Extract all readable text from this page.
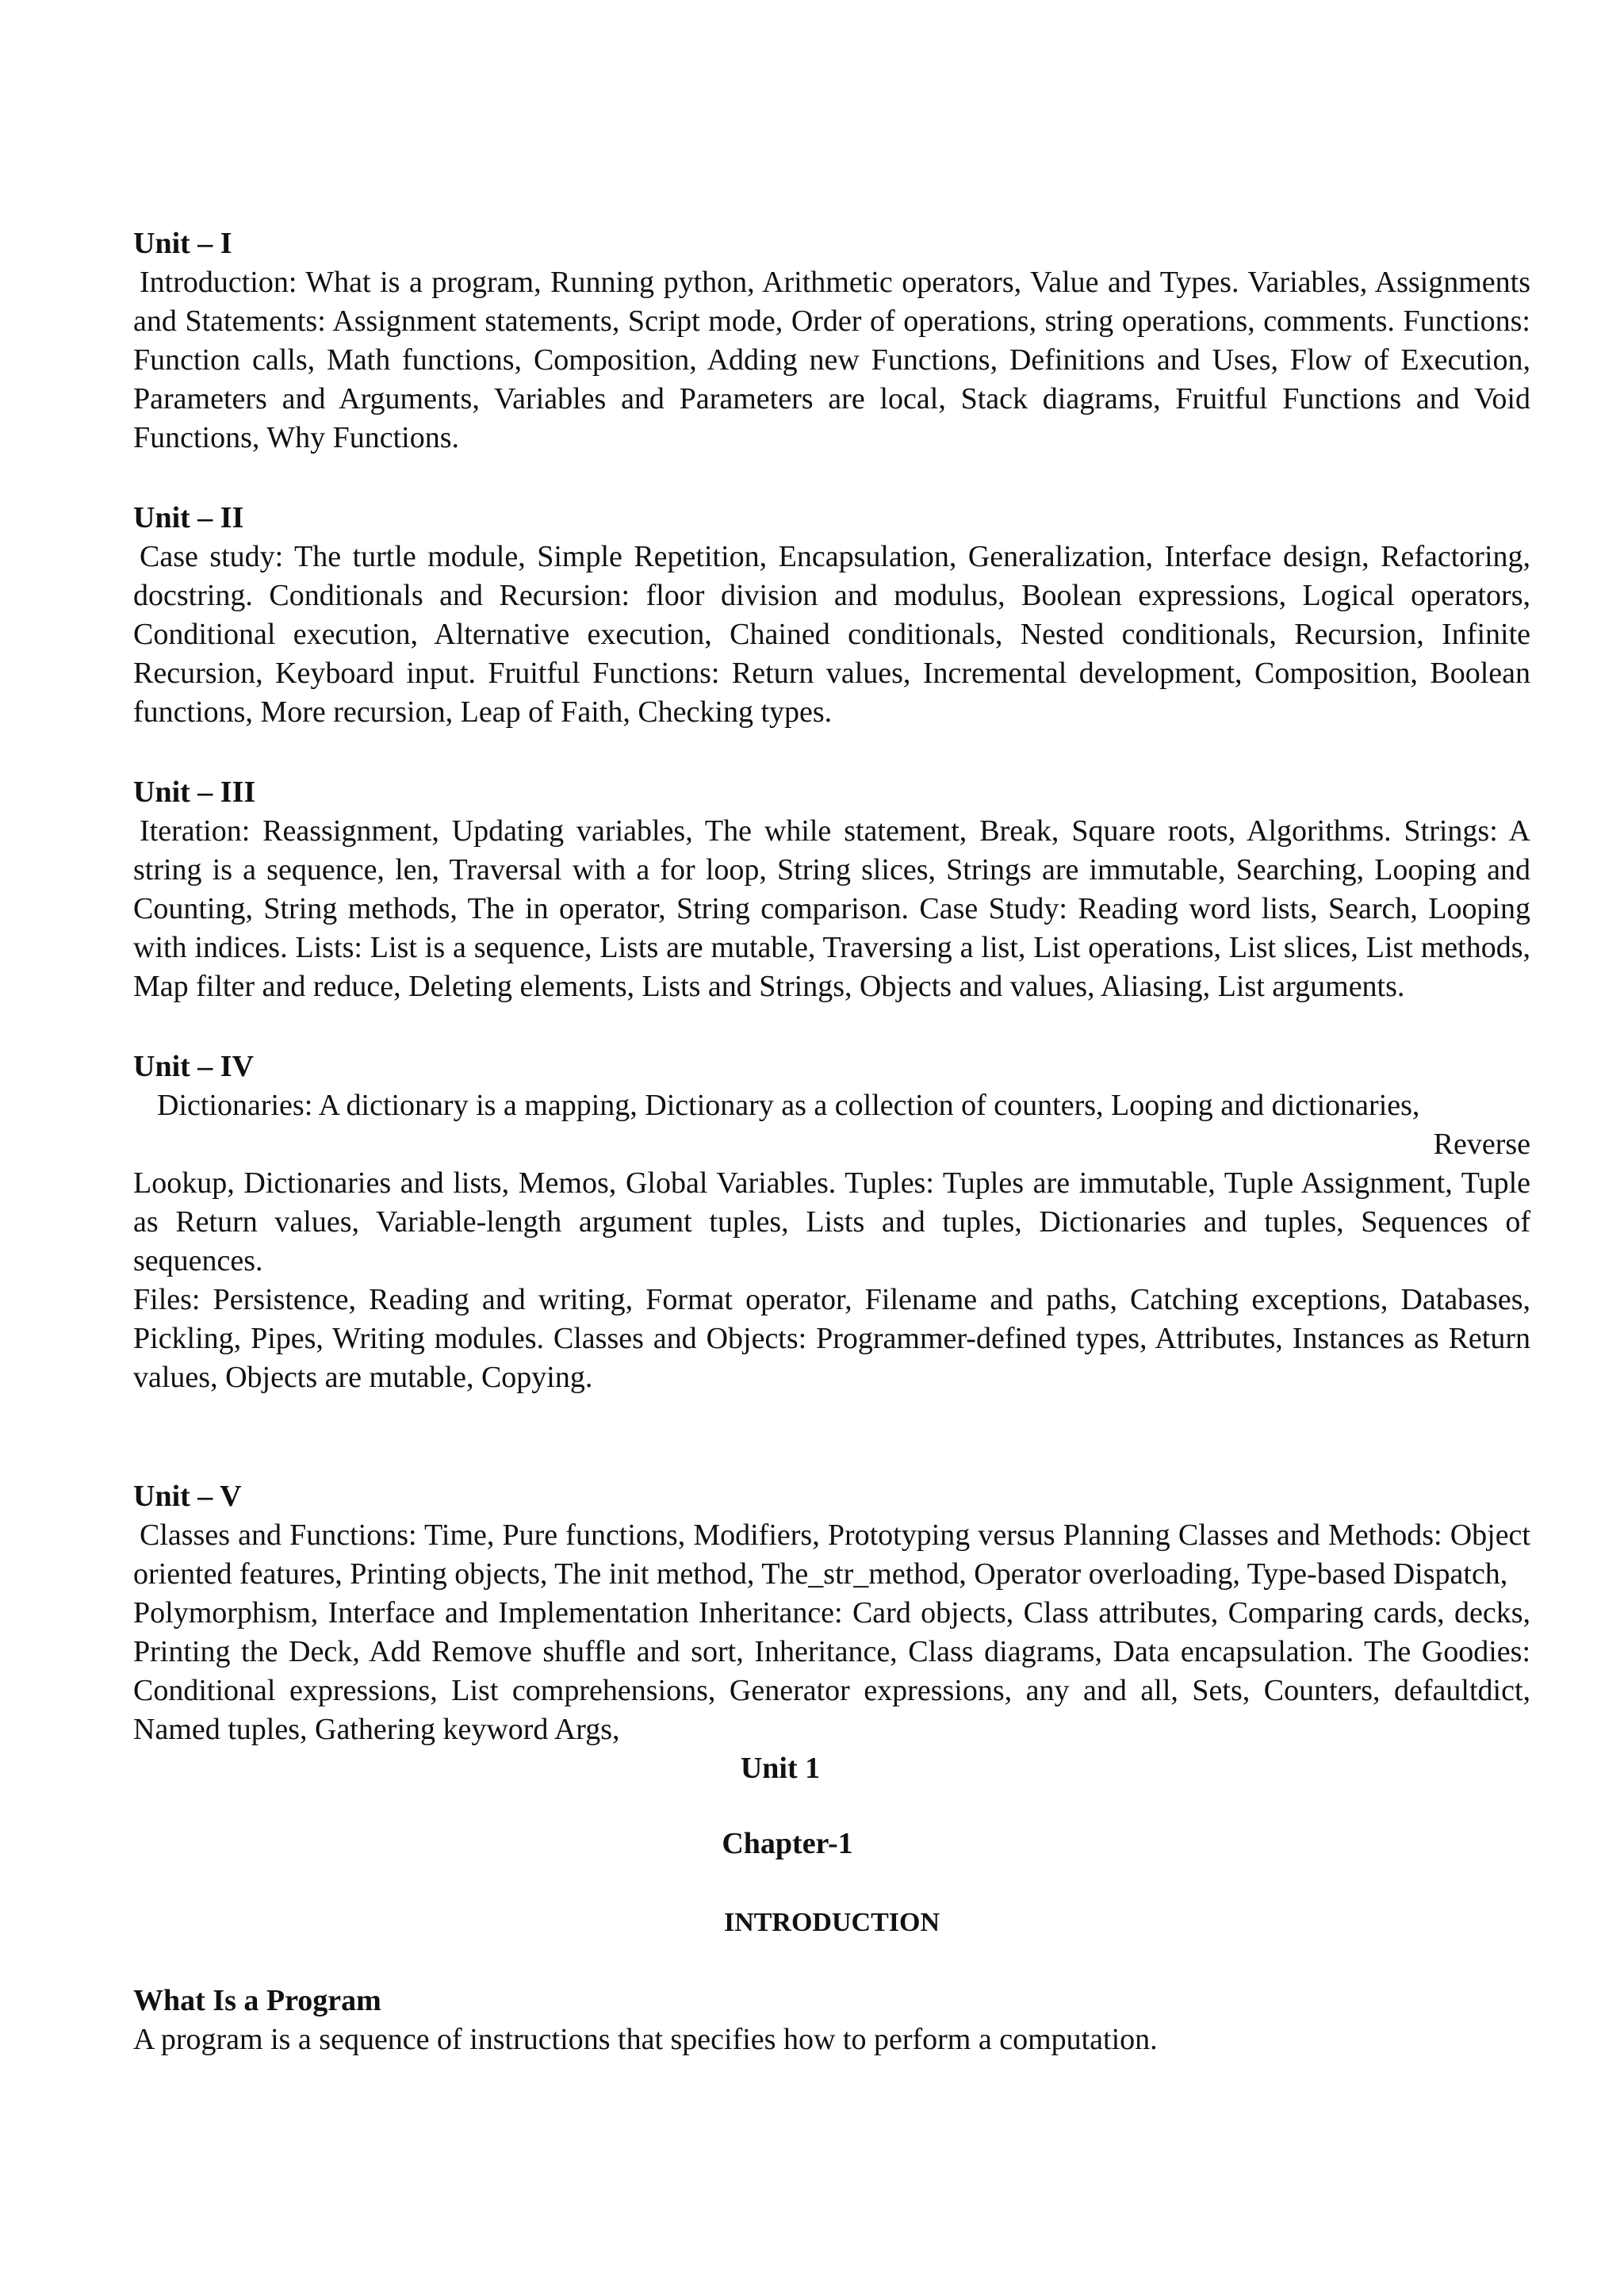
Unit – I

Introduction: What is a program, Running python, Arithmetic operators, Value and Types. Variables, Assignments and Statements: Assignment statements, Script mode, Order of operations, string operations, comments. Functions: Function calls, Math functions, Composition, Adding new Functions, Definitions and Uses, Flow of Execution, Parameters and Arguments, Variables and Parameters are local, Stack diagrams, Fruitful Functions and Void Functions, Why Functions.

Unit – II

Case study: The turtle module, Simple Repetition, Encapsulation, Generalization, Interface design, Refactoring, docstring. Conditionals and Recursion: floor division and modulus, Boolean expressions, Logical operators, Conditional execution, Alternative execution, Chained conditionals, Nested conditionals, Recursion, Infinite Recursion, Keyboard input. Fruitful Functions: Return values, Incremental development, Composition, Boolean functions, More recursion, Leap of Faith, Checking types.

Unit – III

Iteration: Reassignment, Updating variables, The while statement, Break, Square roots, Algorithms. Strings: A string is a sequence, len, Traversal with a for loop, String slices, Strings are immutable, Searching, Looping and Counting, String methods, The in operator, String comparison. Case Study: Reading word lists, Search, Looping with indices. Lists: List is a sequence, Lists are mutable, Traversing a list, List operations, List slices, List methods, Map filter and reduce, Deleting elements, Lists and Strings, Objects and values, Aliasing, List arguments.

Unit – IV

Dictionaries: A dictionary is a mapping, Dictionary as a collection of counters, Looping and dictionaries,

Reverse

Lookup, Dictionaries and lists, Memos, Global Variables. Tuples: Tuples are immutable, Tuple Assignment, Tuple as Return values, Variable-length argument tuples, Lists and tuples, Dictionaries and tuples, Sequences of sequences.

Files: Persistence, Reading and writing, Format operator, Filename and paths, Catching exceptions, Databases, Pickling, Pipes, Writing modules. Classes and Objects: Programmer-defined types, Attributes, Instances as Return values, Objects are mutable, Copying.

Unit – V

Classes and Functions: Time, Pure functions, Modifiers, Prototyping versus Planning Classes and Methods: Object oriented features, Printing objects, The init method, The_str_method, Operator overloading, Type-based Dispatch,

Polymorphism, Interface and Implementation Inheritance: Card objects, Class attributes, Comparing cards, decks, Printing the Deck, Add Remove shuffle and sort, Inheritance, Class diagrams, Data encapsulation. The Goodies: Conditional expressions, List comprehensions, Generator expressions, any and all, Sets, Counters, defaultdict, Named tuples, Gathering keyword Args,

Unit 1

Chapter-1

INTRODUCTION

What Is a Program

A program is a sequence of instructions that specifies how to perform a computation.
